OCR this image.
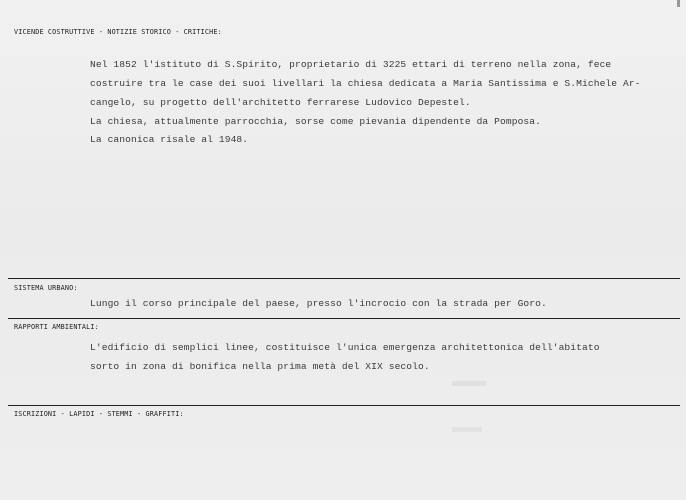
VICENDE COSTRUTTIVE - NOTIZIE STORICO - CRITICHE:
Nel 1852 l'istituto di S.Spirito, proprietario di 3225 ettari di terreno nella zona, fece
costruire tra le case dei suoi livellari la chiesa dedicata a Maria Santissima e S.Michele Ar-
cangelo, su progetto dell'architetto ferrarese Ludovico Depestel.
La chiesa, attualmente parrocchia, sorse come pievania dipendente da Pomposa.
La canonica risale al 1948.
SISTEMA URBANO:
Lungo il corso principale del paese, presso l'incrocio con la strada per Goro.
RAPPORTI AMBIENTALI:
L'edificio di semplici linee, costituisce l'unica emergenza architettonica dell'abitato
sorto in zona di bonifica nella prima metà del XIX secolo.
ISCRIZIONI - LAPIDI - STEMMI - GRAFFITI:
